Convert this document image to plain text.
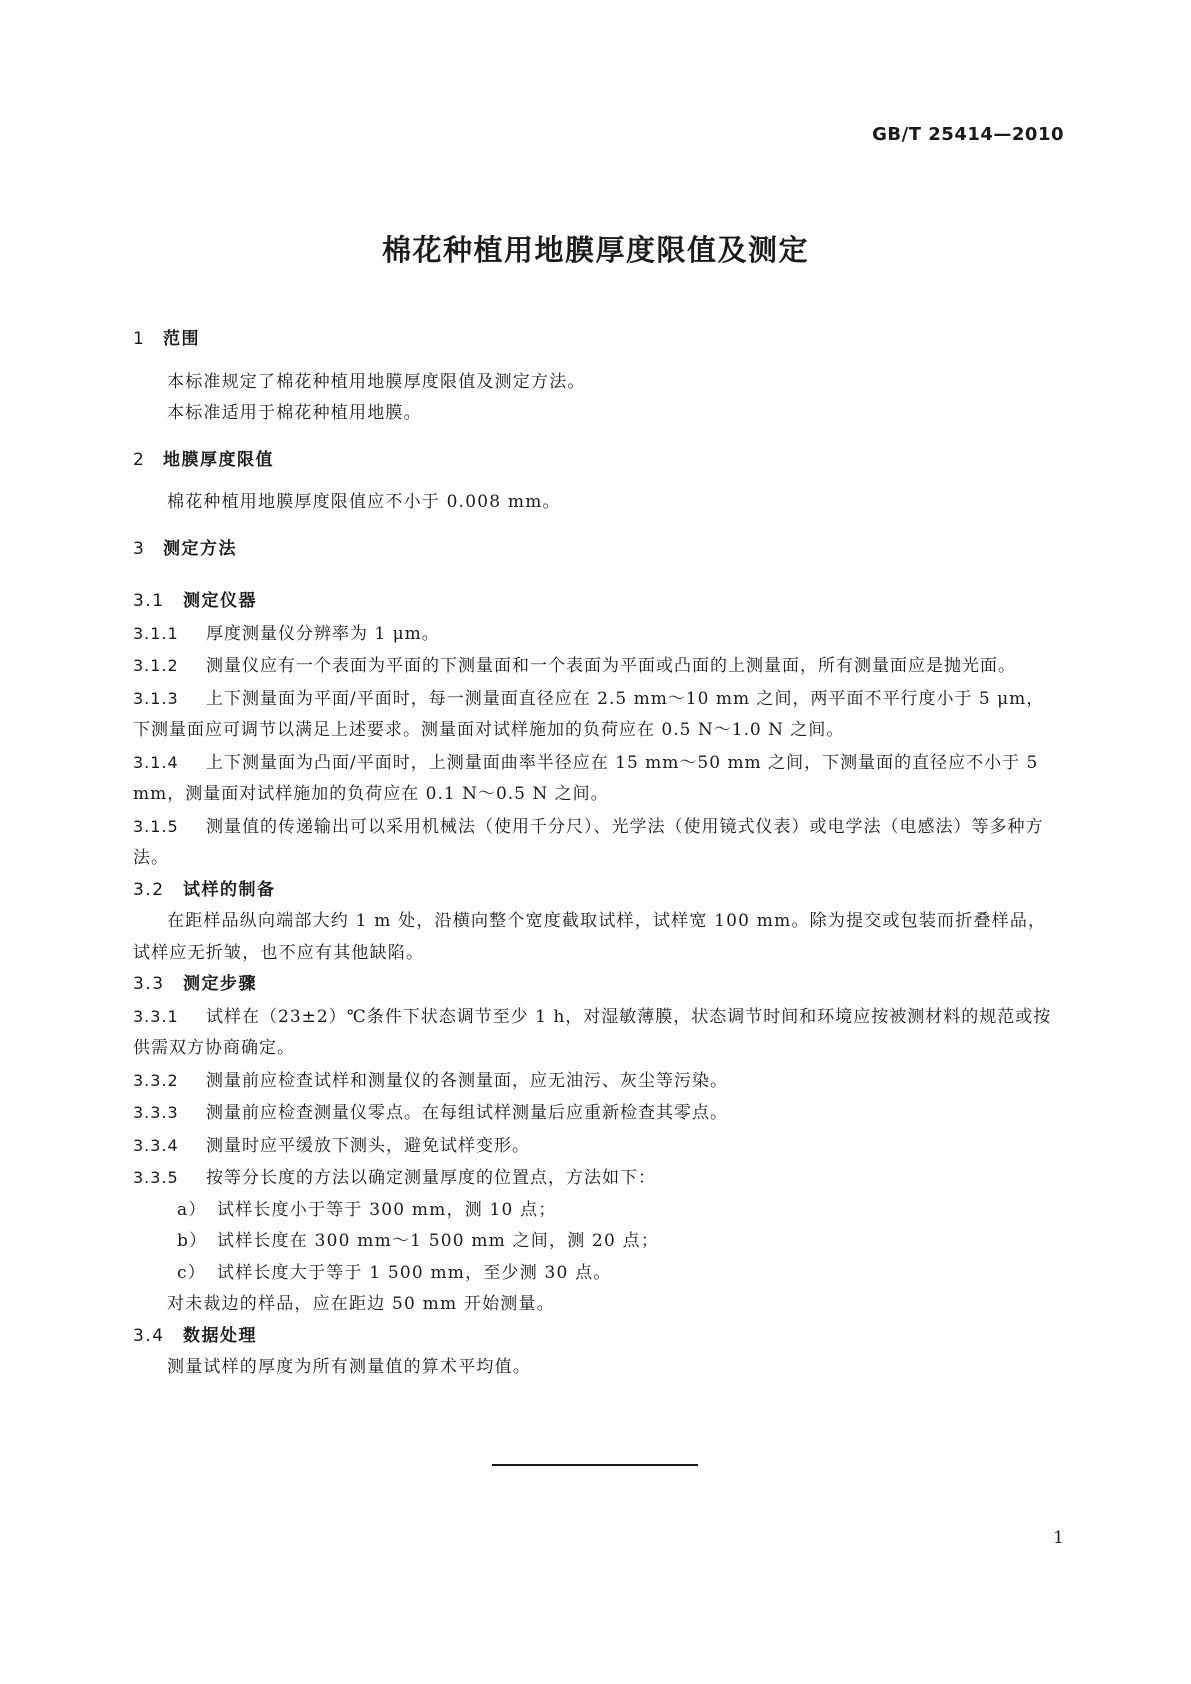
GB/T 25414—2010
棉花种植用地膜厚度限值及测定
1 范围
本标准规定了棉花种植用地膜厚度限值及测定方法。
本标准适用于棉花种植用地膜。
2 地膜厚度限值
棉花种植用地膜厚度限值应不小于 0.008 mm。
3 测定方法
3.1 测定仪器
3.1.1 厚度测量仪分辨率为 1 μm。
3.1.2 测量仪应有一个表面为平面的下测量面和一个表面为平面或凸面的上测量面，所有测量面应是抛光面。
3.1.3 上下测量面为平面/平面时，每一测量面直径应在 2.5 mm～10 mm 之间，两平面不平行度小于 5 μm，下测量面应可调节以满足上述要求。测量面对试样施加的负荷应在 0.5 N～1.0 N 之间。
3.1.4 上下测量面为凸面/平面时，上测量面曲率半径应在 15 mm～50 mm 之间，下测量面的直径应不小于 5 mm，测量面对试样施加的负荷应在 0.1 N～0.5 N 之间。
3.1.5 测量值的传递输出可以采用机械法（使用千分尺）、光学法（使用镜式仪表）或电学法（电感法）等多种方法。
3.2 试样的制备
在距样品纵向端部大约 1 m 处，沿横向整个宽度截取试样，试样宽 100 mm。除为提交或包装而折叠样品，试样应无折皱，也不应有其他缺陷。
3.3 测定步骤
3.3.1 试样在（23±2）℃条件下状态调节至少 1 h，对湿敏薄膜，状态调节时间和环境应按被测材料的规范或按供需双方协商确定。
3.3.2 测量前应检查试样和测量仪的各测量面，应无油污、灰尘等污染。
3.3.3 测量前应检查测量仪零点。在每组试样测量后应重新检查其零点。
3.3.4 测量时应平缓放下测头，避免试样变形。
3.3.5 按等分长度的方法以确定测量厚度的位置点，方法如下：
a） 试样长度小于等于 300 mm，测 10 点；
b） 试样长度在 300 mm～1 500 mm 之间，测 20 点；
c） 试样长度大于等于 1 500 mm，至少测 30 点。
对未裁边的样品，应在距边 50 mm 开始测量。
3.4 数据处理
测量试样的厚度为所有测量值的算术平均值。
1
